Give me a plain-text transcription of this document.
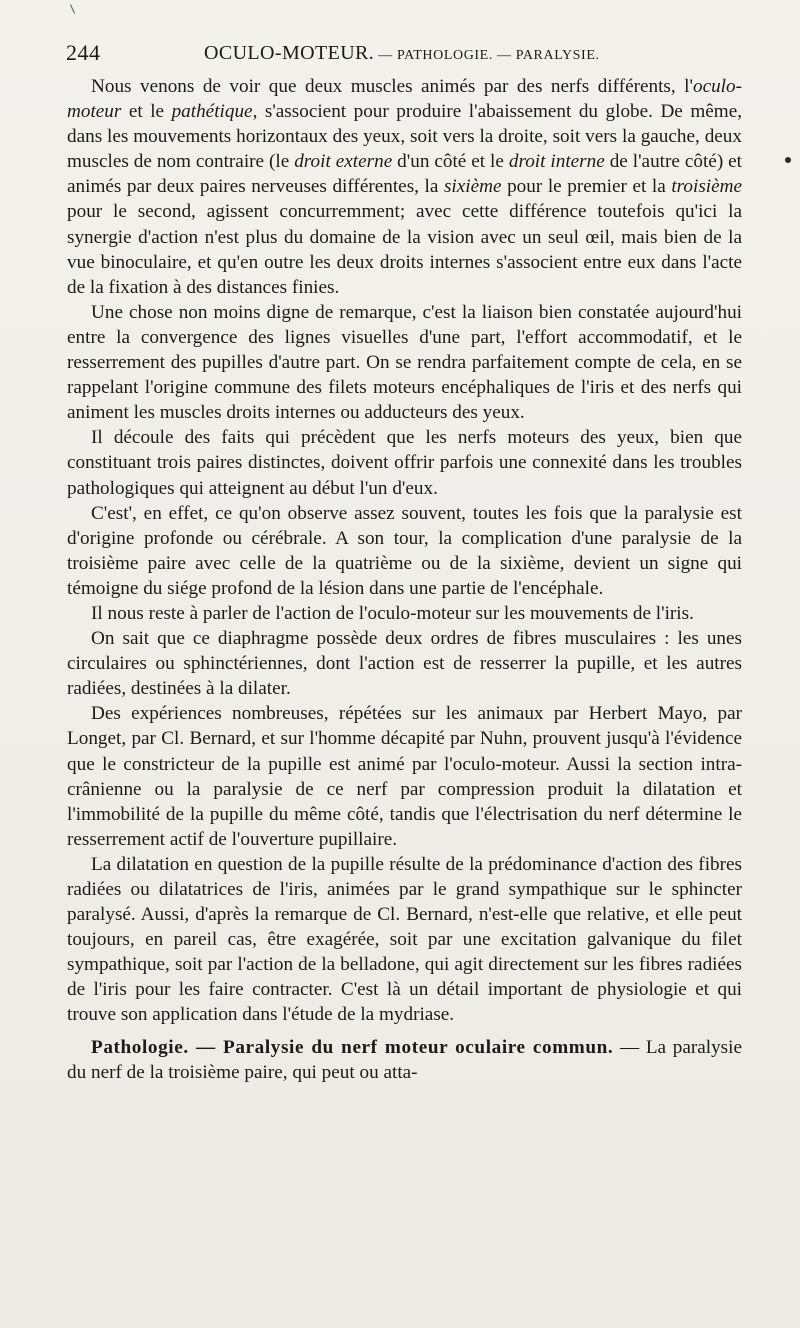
244	OCULO-MOTEUR. — PATHOLOGIE. — PARALYSIE.

Nous venons de voir que deux muscles animés par des nerfs différents, l'oculo-moteur et le pathétique, s'associent pour produire l'abaissement du globe. De même, dans les mouvements horizontaux des yeux, soit vers la droite, soit vers la gauche, deux muscles de nom contraire (le droit externe d'un côté et le droit interne de l'autre côté) et animés par deux paires nerveuses différentes, la sixième pour le premier et la troisième pour le second, agissent concurremment; avec cette différence toutefois qu'ici la synergie d'action n'est plus du domaine de la vision avec un seul œil, mais bien de la vue binoculaire, et qu'en outre les deux droits internes s'associent entre eux dans l'acte de la fixation à des distances finies.

Une chose non moins digne de remarque, c'est la liaison bien constatée aujourd'hui entre la convergence des lignes visuelles d'une part, l'effort accommodatif, et le resserrement des pupilles d'autre part. On se rendra parfaitement compte de cela, en se rappelant l'origine commune des filets moteurs encéphaliques de l'iris et des nerfs qui animent les muscles droits internes ou adducteurs des yeux.

Il découle des faits qui précèdent que les nerfs moteurs des yeux, bien que constituant trois paires distinctes, doivent offrir parfois une connexité dans les troubles pathologiques qui atteignent au début l'un d'eux.

C'est', en effet, ce qu'on observe assez souvent, toutes les fois que la paralysie est d'origine profonde ou cérébrale. A son tour, la complication d'une paralysie de la troisième paire avec celle de la quatrième ou de la sixième, devient un signe qui témoigne du siége profond de la lésion dans une partie de l'encéphale.

Il nous reste à parler de l'action de l'oculo-moteur sur les mouvements de l'iris.

On sait que ce diaphragme possède deux ordres de fibres musculaires : les unes circulaires ou sphinctériennes, dont l'action est de resserrer la pupille, et les autres radiées, destinées à la dilater.

Des expériences nombreuses, répétées sur les animaux par Herbert Mayo, par Longet, par Cl. Bernard, et sur l'homme décapité par Nuhn, prouvent jusqu'à l'évidence que le constricteur de la pupille est animé par l'oculo-moteur. Aussi la section intra-crânienne ou la paralysie de ce nerf par compression produit la dilatation et l'immobilité de la pupille du même côté, tandis que l'électrisation du nerf détermine le resserrement actif de l'ouverture pupillaire.

La dilatation en question de la pupille résulte de la prédominance d'action des fibres radiées ou dilatatrices de l'iris, animées par le grand sympathique sur le sphincter paralysé. Aussi, d'après la remarque de Cl. Bernard, n'est-elle que relative, et elle peut toujours, en pareil cas, être exagérée, soit par une excitation galvanique du filet sympathique, soit par l'action de la belladone, qui agit directement sur les fibres radiées de l'iris pour les faire contracter. C'est là un détail important de physiologie et qui trouve son application dans l'étude de la mydriase.

Pathologie. — Paralysie du nerf moteur oculaire commun. — La paralysie du nerf de la troisième paire, qui peut ou atta-
